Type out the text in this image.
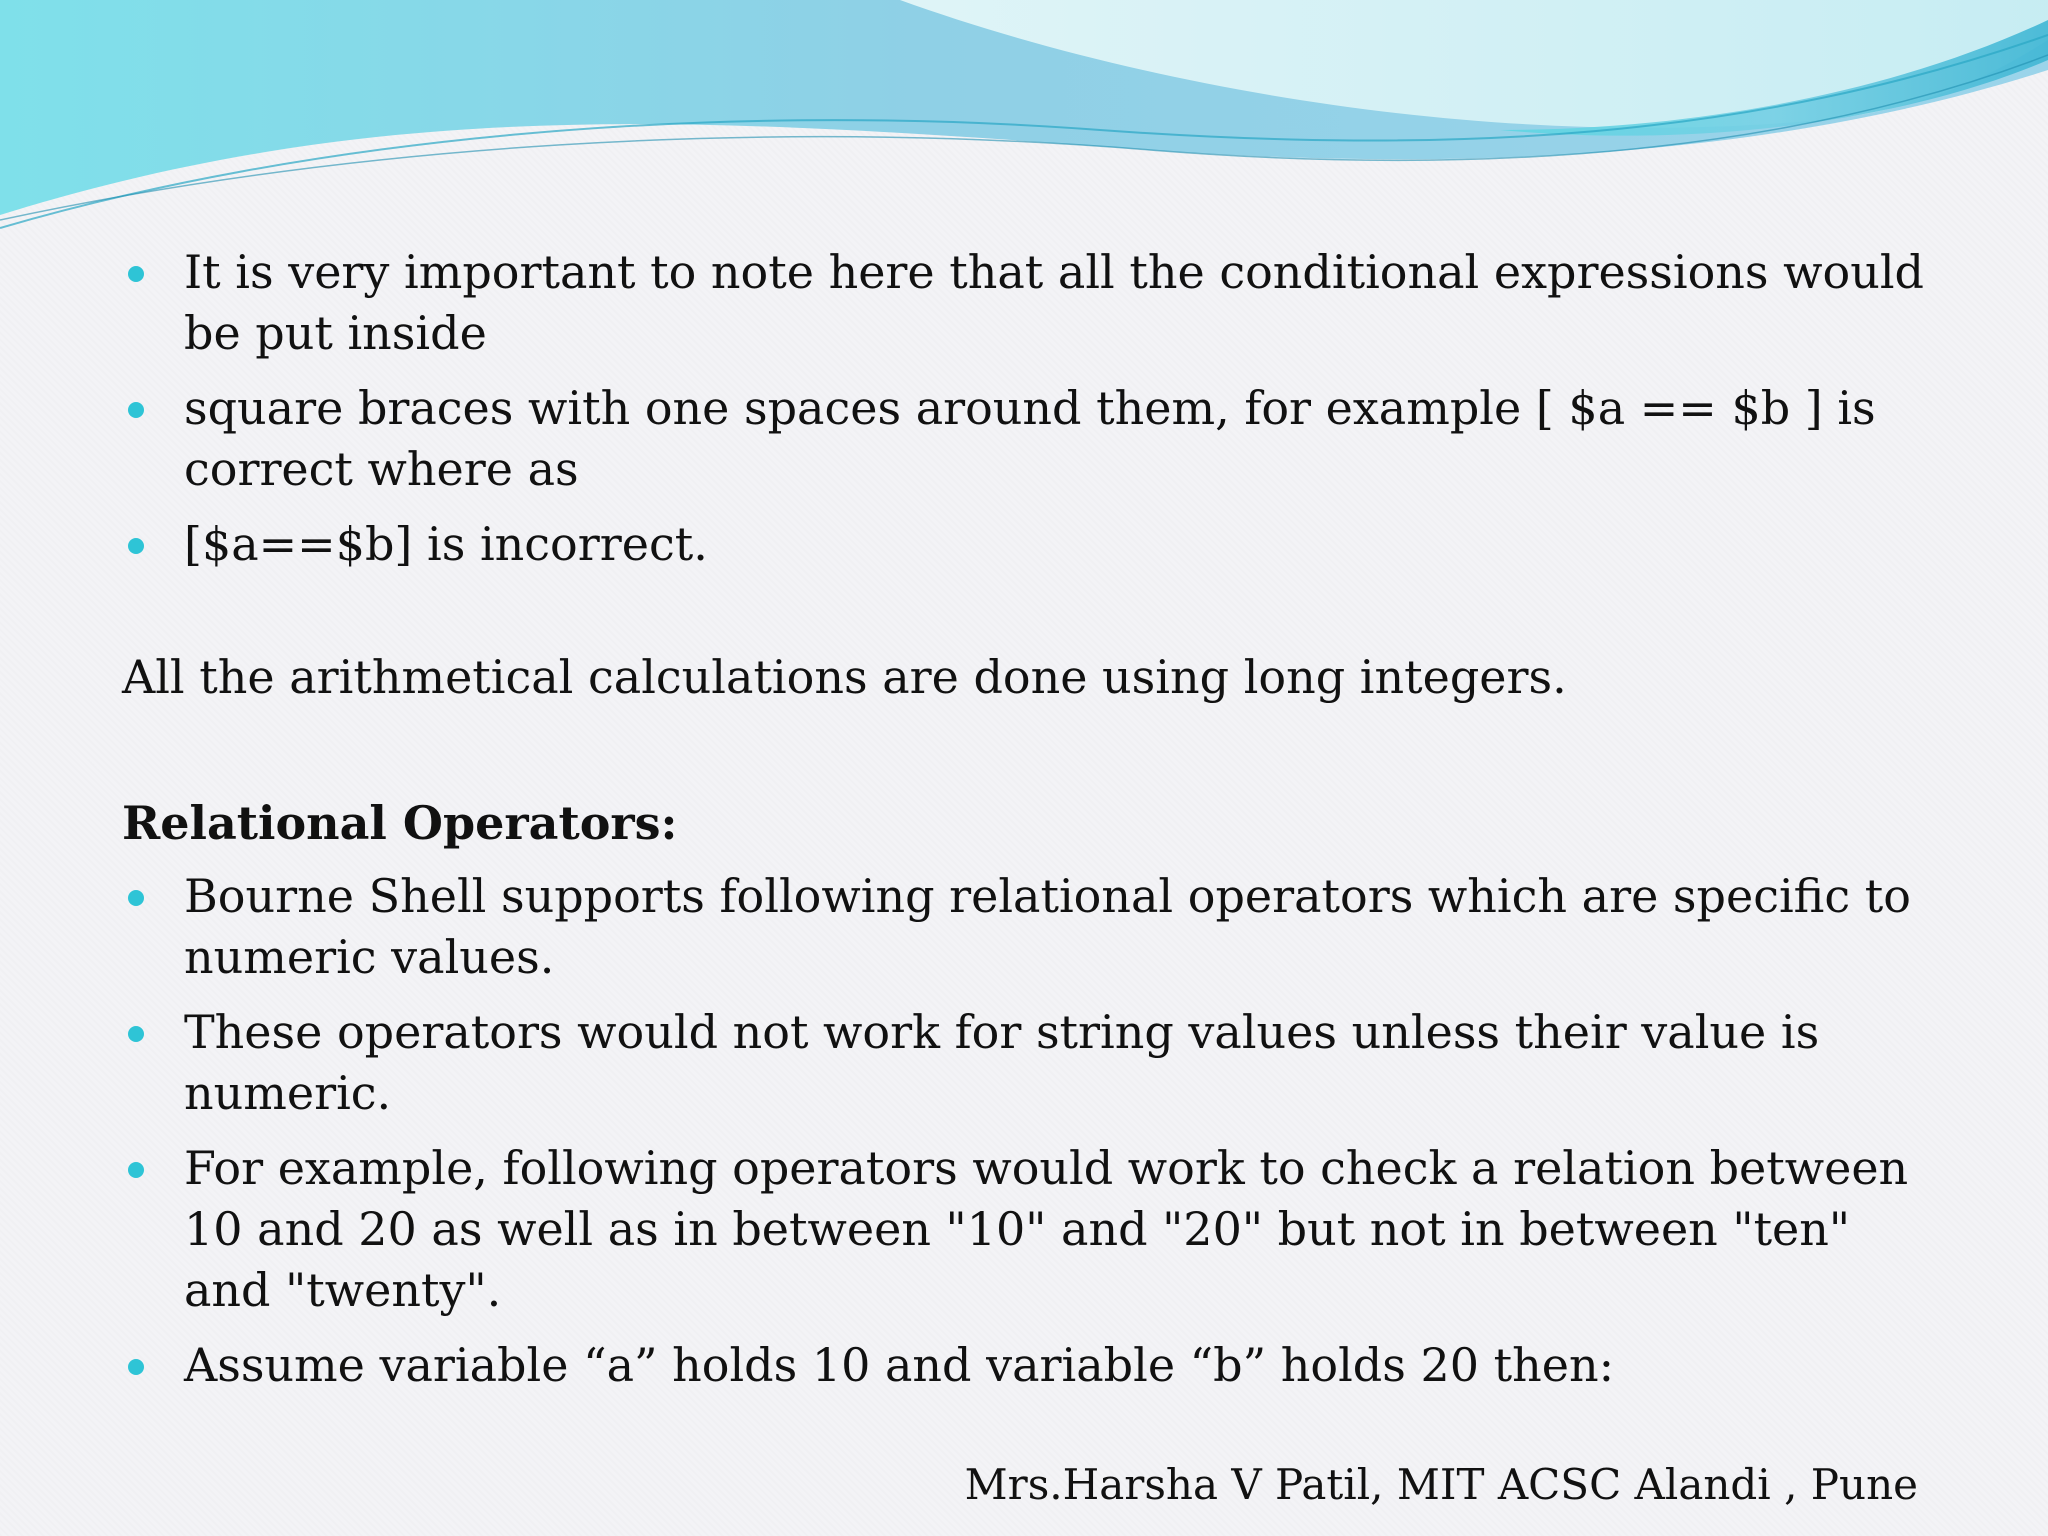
It is very important to note here that all the conditional expressions would be put inside
square braces with one spaces around them, for example [ $a == $b ] is correct where as
[$a==$b] is incorrect.

All the arithmetical calculations are done using long integers.

Relational Operators:

Bourne Shell supports following relational operators which are specific to numeric values.
These operators would not work for string values unless their value is numeric.
For example, following operators would work to check a relation between 10 and 20 as well as in between "10" and "20" but not in between "ten" and "twenty".
Assume variable “a” holds 10 and variable “b” holds 20 then:
Mrs.Harsha V Patil, MIT ACSC Alandi , Pune
